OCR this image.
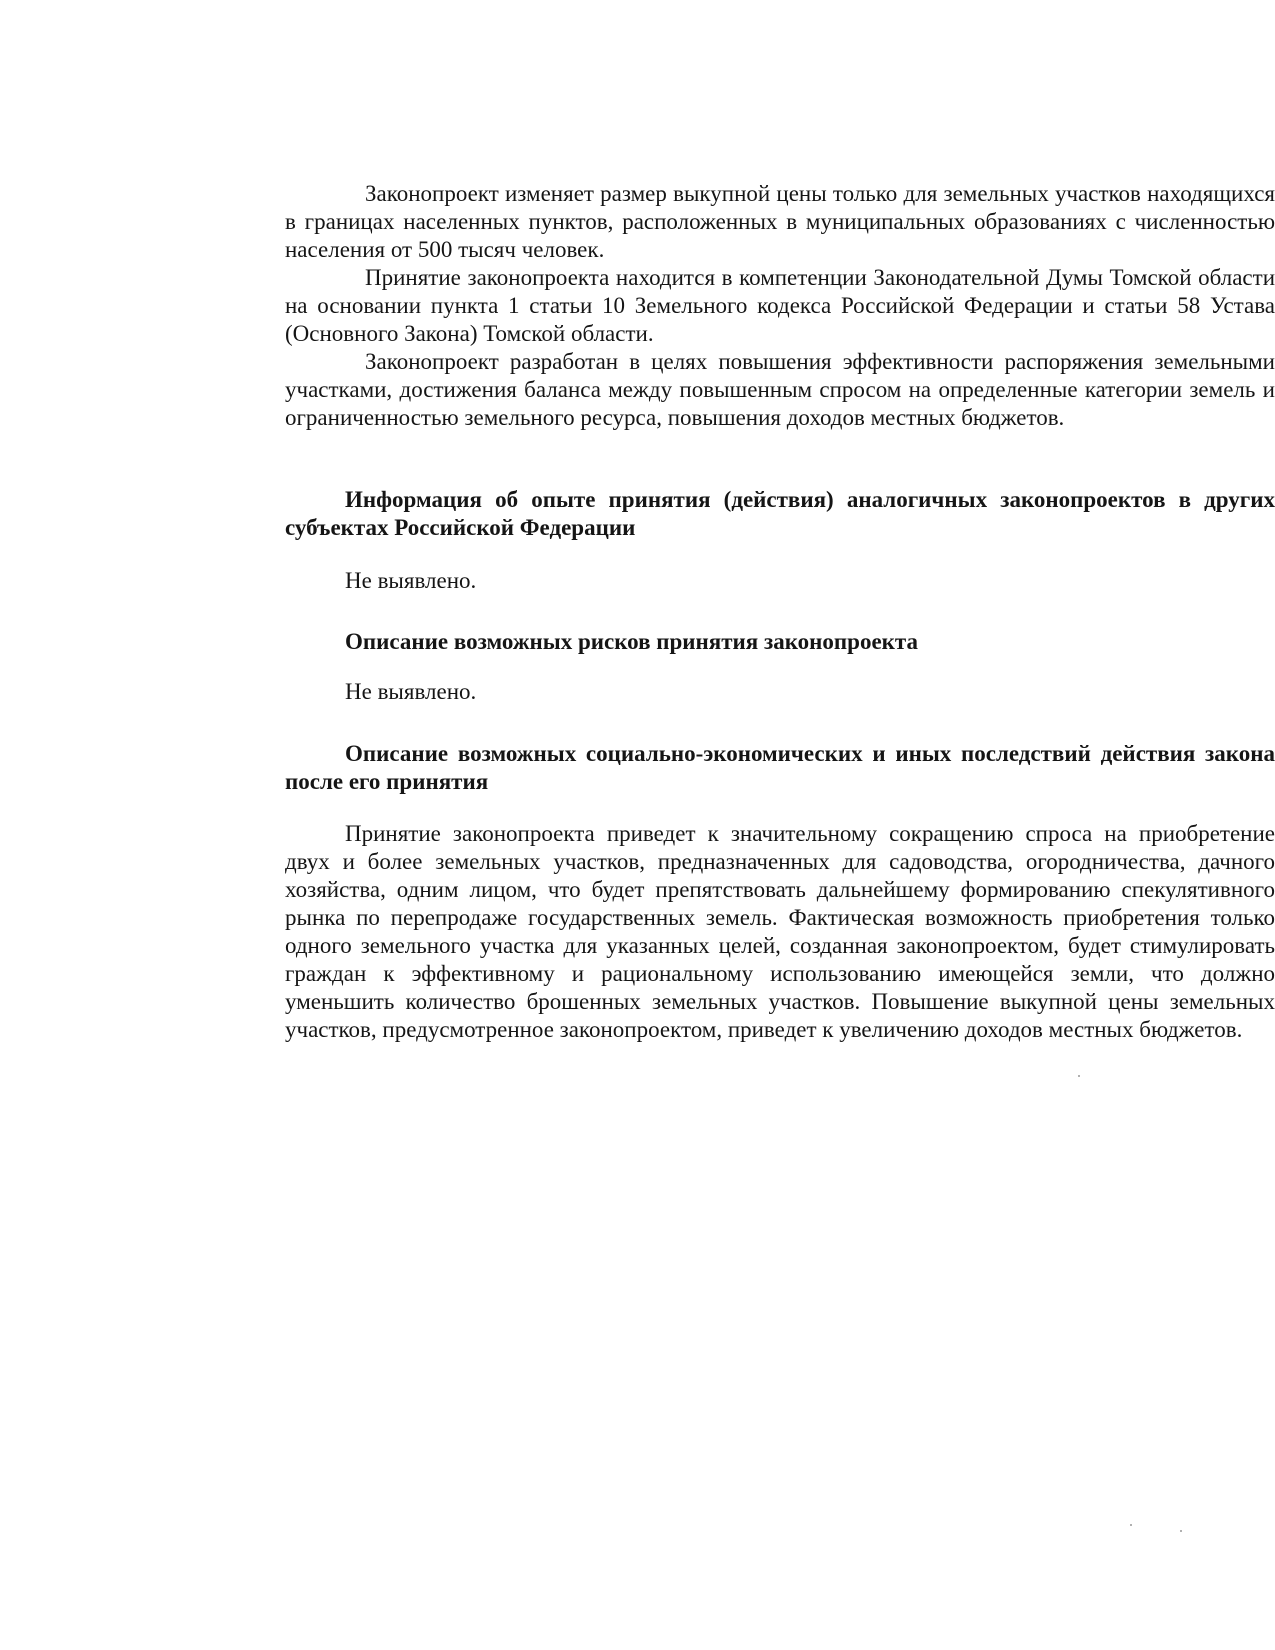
Законопроект изменяет размер выкупной цены только для земельных участков находящихся в границах населенных пунктов, расположенных в муниципальных образованиях с численностью населения от 500 тысяч человек.

Принятие законопроекта находится в компетенции Законодательной Думы Томской области на основании пункта 1 статьи 10 Земельного кодекса Российской Федерации и статьи 58 Устава (Основного Закона) Томской области.

Законопроект разработан в целях повышения эффективности распоряжения земельными участками, достижения баланса между повышенным спросом на определенные категории земель и ограниченностью земельного ресурса, повышения доходов местных бюджетов.

Информация об опыте принятия (действия) аналогичных законопроектов в других субъектах Российской Федерации

Не выявлено.

Описание возможных рисков принятия законопроекта

Не выявлено.

Описание возможных социально-экономических и иных последствий действия закона после его принятия

Принятие законопроекта приведет к значительному сокращению спроса на приобретение двух и более земельных участков, предназначенных для садоводства, огородничества, дачного хозяйства, одним лицом, что будет препятствовать дальнейшему формированию спекулятивного рынка по перепродаже государственных земель. Фактическая возможность приобретения только одного земельного участка для указанных целей, созданная законопроектом, будет стимулировать граждан к эффективному и рациональному использованию имеющейся земли, что должно уменьшить количество брошенных земельных участков. Повышение выкупной цены земельных участков, предусмотренное законопроектом, приведет к увеличению доходов местных бюджетов.
